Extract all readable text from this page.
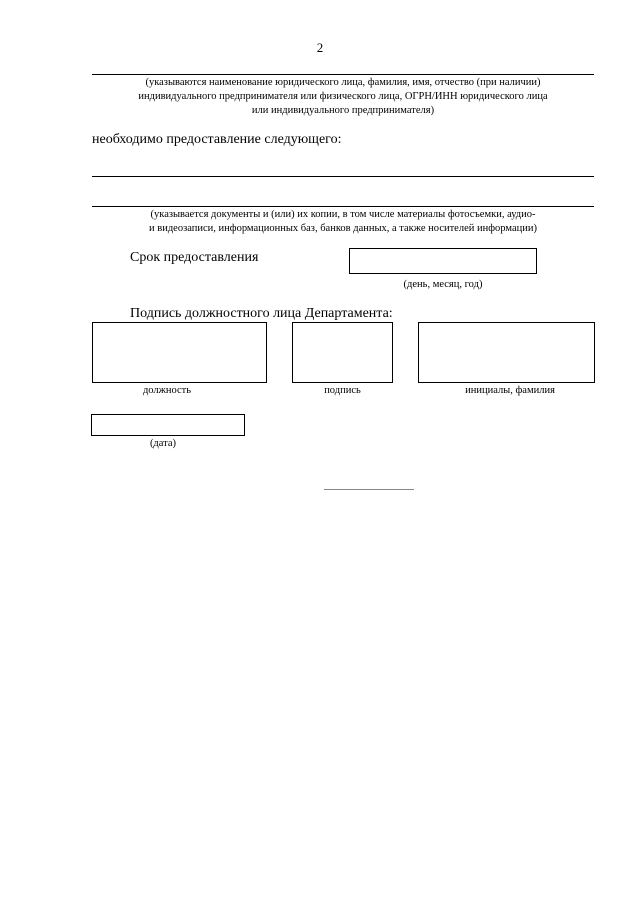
2
(указываются наименование юридического лица, фамилия, имя, отчество (при наличии)
индивидуального предпринимателя или физического лица, ОГРН/ИНН юридического лица
или индивидуального предпринимателя)
необходимо предоставление следующего:
(указывается документы и (или) их копии, в том числе материалы фотосъемки, аудио-
и видеозаписи, информационных баз, банков данных, а также носителей информации)
Срок предоставления
(день, месяц, год)
Подпись должностного лица Департамента:
должность	подпись	инициалы, фамилия
(дата)
